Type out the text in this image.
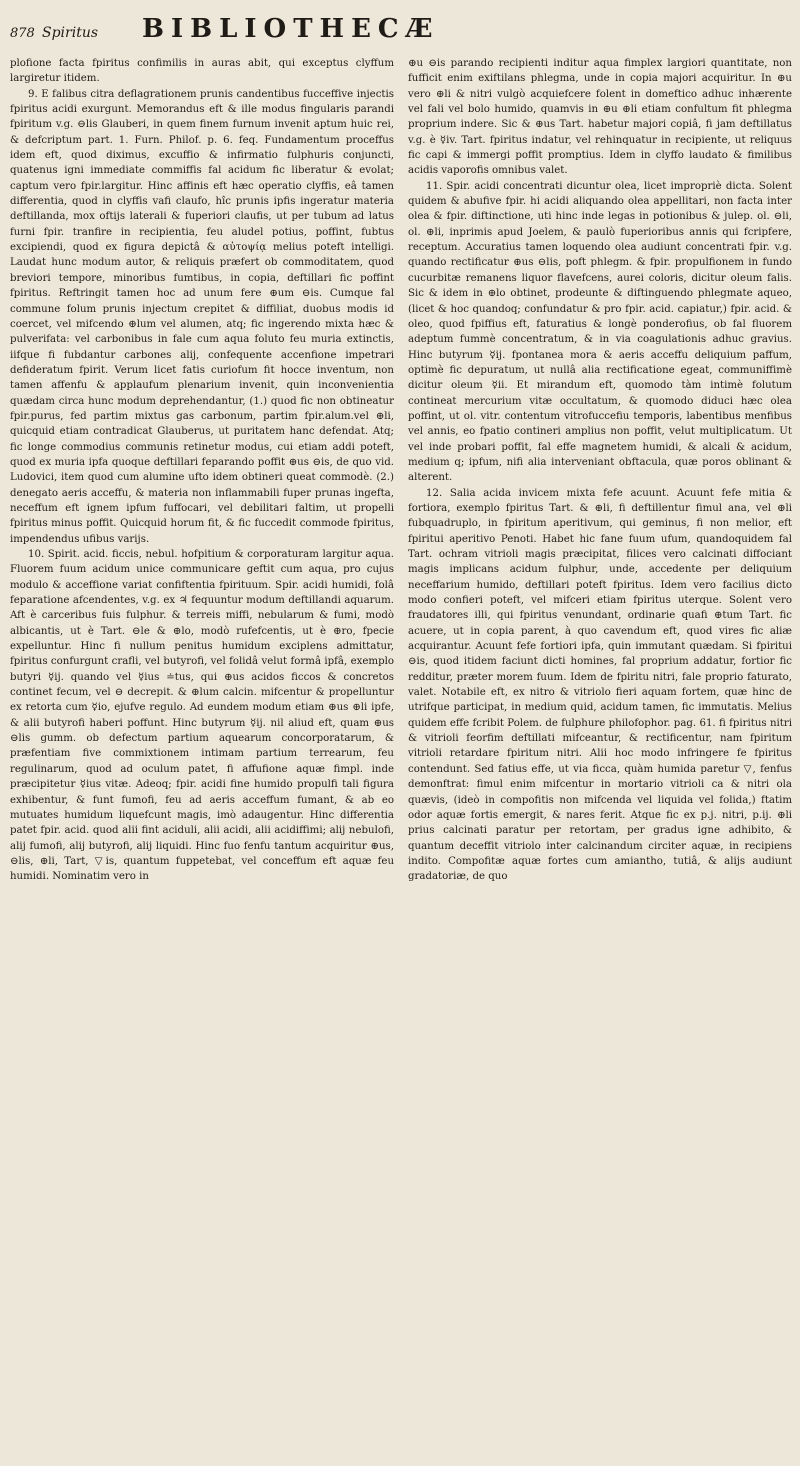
878 Spiritus	BIBLIOTHECÆ

plofione facta fpiritus confimilis in auras abit, qui exceptus clyffum largiretur itidem.

9. E falibus citra deflagrationem prunis candentibus fucceffive injectis fpiritus acidi exurgunt. Memorandus eft & ille modus fingularis parandi fpiritum v.g. ⊖lis Glauberi, in quem finem furnum invenit aptum huic rei, & defcriptum part. 1. Furn. Philof. p. 6. feq. Fundamentum proceffus idem eft, quod diximus, excuffio & infirmatio fulphuris conjuncti, quatenus igni immediate commiffis fal acidum fic liberatur & evolat; captum vero fpir.largitur. Hinc affinis eft hæc operatio clyffis, eâ tamen differentia, quod in clyffis vafi claufo, hîc prunis ipfis ingeratur materia deftillanda, mox oftijs laterali & fuperiori claufis, ut per tubum ad latus furni fpir. tranfire in recipientia, feu aludel potius, poffint, fubtus excipiendi, quod ex figura depictâ & αὐτοψίᾳ melius poteft intelligi. Laudat hunc modum autor, & reliquis præfert ob commoditatem, quod breviori tempore, minoribus fumtibus, in copia, deftillari fic poffint fpiritus. Reftringit tamen hoc ad unum fere ⊕um ⊖is. Cumque fal commune folum prunis injectum crepitet & diffiliat, duobus modis id coercet, vel mifcendo ⊕lum vel alumen, atq; fic ingerendo mixta hæc & pulverifata: vel carbonibus in fale cum aqua foluto feu muria extinctis, iifque fi fubdantur carbones alij, confequente accenfione impetrari defideratum fpirit. Verum licet fatis curiofum fit hocce inventum, non tamen affenfu & applaufum plenarium invenit, quin inconvenientia quædam circa hunc modum deprehendantur, (1.) quod fic non obtineatur fpir.purus, fed partim mixtus gas carbonum, partim fpir.alum.vel ⊕li, quicquid etiam contradicat Glauberus, ut puritatem hanc defendat. Atq; fic longe commodius communis retinetur modus, cui etiam addi poteft, quod ex muria ipfa quoque deftillari feparando poffit ⊕us ⊖is, de quo vid. Ludovici, item quod cum alumine ufto idem obtineri queat commodè. (2.) denegato aeris acceffu, & materia non inflammabili fuper prunas ingefta, neceffum eft ignem ipfum fuffocari, vel debilitari faltim, ut propelli fpiritus minus poffit. Quicquid horum fit, & fic fuccedit commode fpiritus, impendendus ufibus varijs.

10. Spirit. acid. ficcis, nebul. hofpitium & corporaturam largitur aqua. Fluorem fuum acidum unice communicare geftit cum aqua, pro cujus modulo & acceffione variat confiftentia fpirituum. Spir. acidi humidi, folâ feparatione afcendentes, v.g. ex ♃ fequuntur modum deftillandi aquarum. Aft è carceribus fuis fulphur. & terreis miffi, nebularum & fumi, modò albicantis, ut è Tart. ⊖le & ⊕lo, modò rufefcentis, ut è ⊕ro, fpecie expelluntur. Hinc fi nullum penitus humidum exciplens admittatur, fpiritus confurgunt crafli, vel butyrofi, vel folidâ velut formâ ipfâ, exemplo butyri ☿ij. quando vel ☿ius ≐tus, qui ⊕us acidos ficcos & concretos continet fecum, vel ⊖ decrepit. & ⊕lum calcin. mifcentur & propelluntur ex retorta cum ☿io, ejufve regulo. Ad eundem modum etiam ⊕us ⊕li ipfe, & alii butyrofi haberi poffunt. Hinc butyrum ☿ij. nil aliud eft, quam ⊕us ⊖lis gumm. ob defectum partium aquearum concorporatarum, & præfentiam five commixtionem intimam partium terrearum, feu regulinarum, quod ad oculum patet, fi affufione aquæ fimpl. inde præcipitetur ☿ius vitæ. Adeoq; fpir. acidi fine humido propulfi tali figura exhibentur, & funt fumofi, feu ad aeris acceffum fumant, & ab eo mutuates humidum liquefcunt magis, imò adaugentur. Hinc differentia patet fpir. acid. quod alii fint aciduli, alii acidi, alii acidiffimi; alij nebulofi, alij fumofi, alij butyrofi, alij liquidi. Hinc fuo fenfu tantum acquiritur ⊕us, ⊖lis, ⊕li, Tart, ▽is, quantum fuppetebat, vel conceffum eft aquæ feu humidi. Nominatim vero in

⊕u ⊖is parando recipienti inditur aqua fimplex largiori quantitate, non fufficit enim exiftilans phlegma, unde in copia majori acquiritur. In ⊕u vero ⊕li & nitri vulgò acquiefcere folent in domeftico adhuc inhærente vel fali vel bolo humido, quamvis in ⊕u ⊕li etiam confultum fit phlegma proprium indere. Sic & ⊕us Tart. habetur majori copiâ, fi jam deftillatus v.g. è ☿iv. Tart. fpiritus indatur, vel rehinquatur in recipiente, ut reliquus fic capi & immergi poffit promptius. Idem in clyffo laudato & fimilibus acidis vaporofis omnibus valet.

11. Spir. acidi concentrati dicuntur olea, licet impropriè dicta. Solent quidem & abufive fpir. hi acidi aliquando olea appellitari, non facta inter olea & fpir. diftinctione, uti hinc inde legas in potionibus & julep. ol. ⊖li, ol. ⊕li, inprimis apud Joelem, & paulò fuperioribus annis qui fcripfere, receptum. Accuratius tamen loquendo olea audiunt concentrati fpir. v.g. quando rectificatur ⊕us ⊖lis, poft phlegm. & fpir. propulfionem in fundo cucurbitæ remanens liquor flavefcens, aurei coloris, dicitur oleum falis. Sic & idem in ⊕lo obtinet, prodeunte & diftinguendo phlegmate aqueo, (licet & hoc quandoq; confundatur & pro fpir. acid. capiatur,) fpir. acid. & oleo, quod fpiffius eft, faturatius & longè ponderofius, ob fal fluorem adeptum fummè concentratum, & in via coagulationis adhuc gravius. Hinc butyrum ☿ij. fpontanea mora & aeris acceffu deliquium paffum, optimè fic depuratum, ut nullâ alia rectificatione egeat, communiffimè dicitur oleum ☿ii. Et mirandum eft, quomodo tàm intimè folutum contineat mercurium vitæ occultatum, & quomodo diduci hæc olea poffint, ut ol. vitr. contentum vitrofuccefiu temporis, labentibus menfibus vel annis, eo fpatio contineri amplius non poffit, velut multiplicatum. Ut vel inde probari poffit, fal effe magnetem humidi, & alcali & acidum, medium q; ipfum, nifi alia interveniant obftacula, quæ poros oblinant & alterent.

12. Salia acida invicem mixta fefe acuunt. Acuunt fefe mitia & fortiora, exemplo fpiritus Tart. & ⊕li, fi deftillentur fimul ana, vel ⊕li fubquadruplo, in fpiritum aperitivum, qui geminus, fi non melior, eft fpiritui aperitivo Penoti. Habet hic fane fuum ufum, quandoquidem fal Tart. ochram vitrioli magis præcipitat, filices vero calcinati diffociant magis implicans acidum fulphur, unde, accedente per deliquium neceffarium humido, deftillari poteft fpiritus. Idem vero facilius dicto modo confieri poteft, vel mifceri etiam fpiritus uterque. Solent vero fraudatores illi, qui fpiritus venundant, ordinarie quafi ⊕tum Tart. fic acuere, ut in copia parent, à quo cavendum eft, quod vires fic aliæ acquirantur. Acuunt fefe fortiori ipfa, quin immutant quædam. Si fpiritui ⊖is, quod itidem faciunt dicti homines, fal proprium addatur, fortior fic redditur, præter morem fuum. Idem de fpiritu nitri, fale proprio faturato, valet. Notabile eft, ex nitro & vitriolo fieri aquam fortem, quæ hinc de utrifque participat, in medium quid, acidum tamen, fic immutatis. Melius quidem effe fcribit Polem. de fulphure philofophor. pag. 61. fi fpiritus nitri & vitrioli feorfim deftillati mifceantur, & rectificentur, nam fpiritum vitrioli retardare fpiritum nitri. Alii hoc modo infringere fe fpiritus contendunt. Sed fatius effe, ut via ficca, quàm humida paretur ▽, fenfus demonftrat: fimul enim mifcentur in mortario vitrioli ca & nitri ola quævis, (ideò in compofitis non mifcenda vel liquida vel folida,) ftatim odor aquæ fortis emergit, & nares ferit. Atque fic ex p.j. nitri, p.ij. ⊕li prius calcinati paratur per retortam, per gradus igne adhibito, & quantum deceffit vitriolo inter calcinandum circiter aquæ, in recipiens indito. Compofitæ aquæ fortes cum amiantho, tutiâ, & alijs audiunt gradatoriæ, de quo
